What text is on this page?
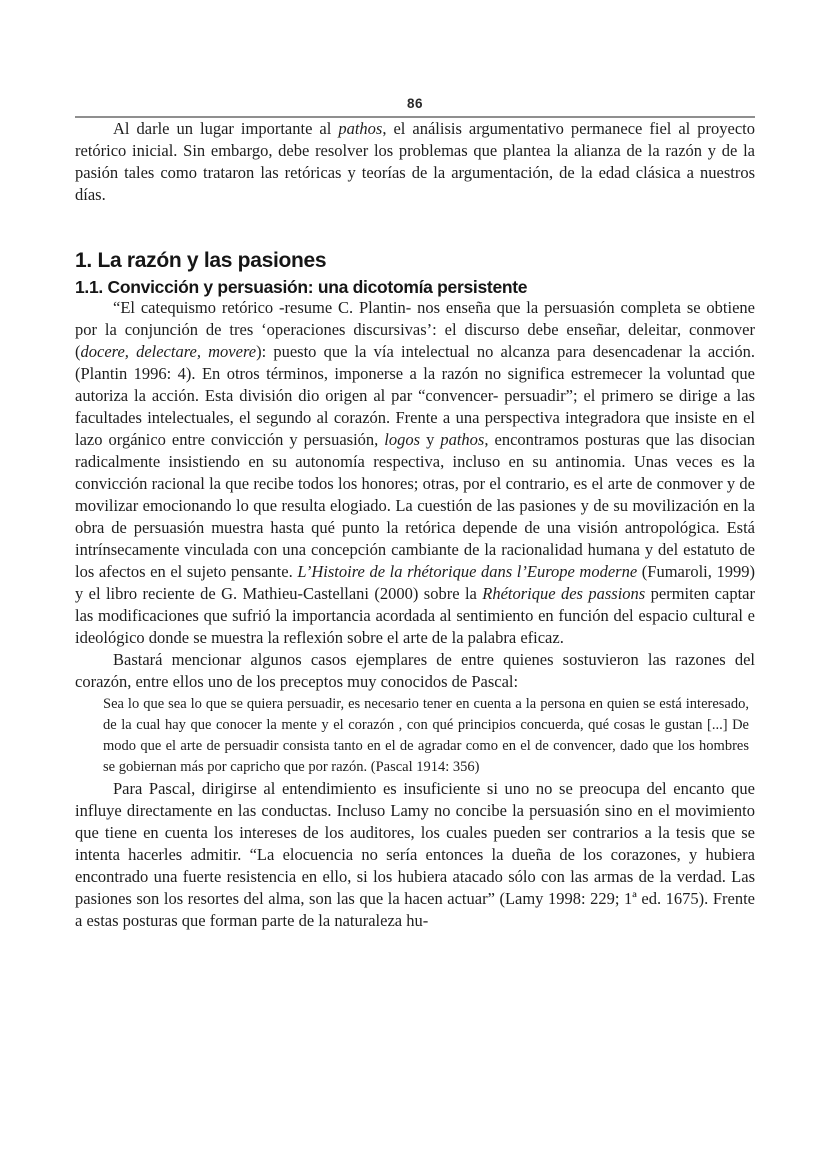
86

Al darle un lugar importante al pathos, el análisis argumentativo permanece fiel al proyecto retórico inicial. Sin embargo, debe resolver los problemas que plantea la alianza de la razón y de la pasión tales como trataron las retóricas y teorías de la argumentación, de la edad clásica a nuestros días.

1. La razón y las pasiones
1.1. Convicción y persuasión: una dicotomía persistente

“El catequismo retórico -resume C. Plantin- nos enseña que la persuasión completa se obtiene por la conjunción de tres ‘operaciones discursivas’: el discurso debe enseñar, deleitar, conmover (docere, delectare, movere): puesto que la vía intelectual no alcanza para desencadenar la acción. (Plantin 1996: 4). En otros términos, imponerse a la razón no significa estremecer la voluntad que autoriza la acción. Esta división dio origen al par “convencer- persuadir”; el primero se dirige a las facultades intelectuales, el segundo al corazón. Frente a una perspectiva integradora que insiste en el lazo orgánico entre convicción y persuasión, logos y pathos, encontramos posturas que las disocian radicalmente insistiendo en su autonomía respectiva, incluso en su antinomia. Unas veces es la convicción racional la que recibe todos los honores; otras, por el contrario, es el arte de conmover y de movilizar emocionando lo que resulta elogiado. La cuestión de las pasiones y de su movilización en la obra de persuasión muestra hasta qué punto la retórica depende de una visión antropológica. Está intrínsecamente vinculada con una concepción cambiante de la racionalidad humana y del estatuto de los afectos en el sujeto pensante. L’Histoire de la rhétorique dans l’Europe moderne (Fumaroli, 1999) y el libro reciente de G. Mathieu-Castellani (2000) sobre la Rhétorique des passions permiten captar las modificaciones que sufrió la importancia acordada al sentimiento en función del espacio cultural e ideológico donde se muestra la reflexión sobre el arte de la palabra eficaz.

Bastará mencionar algunos casos ejemplares de entre quienes sostuvieron las razones del corazón, entre ellos uno de los preceptos muy conocidos de Pascal:

Sea lo que sea lo que se quiera persuadir, es necesario tener en cuenta a la persona en quien se está interesado, de la cual hay que conocer la mente y el corazón , con qué principios concuerda, qué cosas le gustan [...] De modo que el arte de persuadir consista tanto en el de agradar como en el de convencer, dado que los hombres se gobiernan más por capricho que por razón. (Pascal 1914: 356)

Para Pascal, dirigirse al entendimiento es insuficiente si uno no se preocupa del encanto que influye directamente en las conductas. Incluso Lamy no concibe la persuasión sino en el movimiento que tiene en cuenta los intereses de los auditores, los cuales pueden ser contrarios a la tesis que se intenta hacerles admitir. “La elocuencia no sería entonces la dueña de los corazones, y hubiera encontrado una fuerte resistencia en ello, si los hubiera atacado sólo con las armas de la verdad. Las pasiones son los resortes del alma, son las que la hacen actuar” (Lamy 1998: 229; 1ª ed. 1675). Frente a estas posturas que forman parte de la naturaleza hu-
